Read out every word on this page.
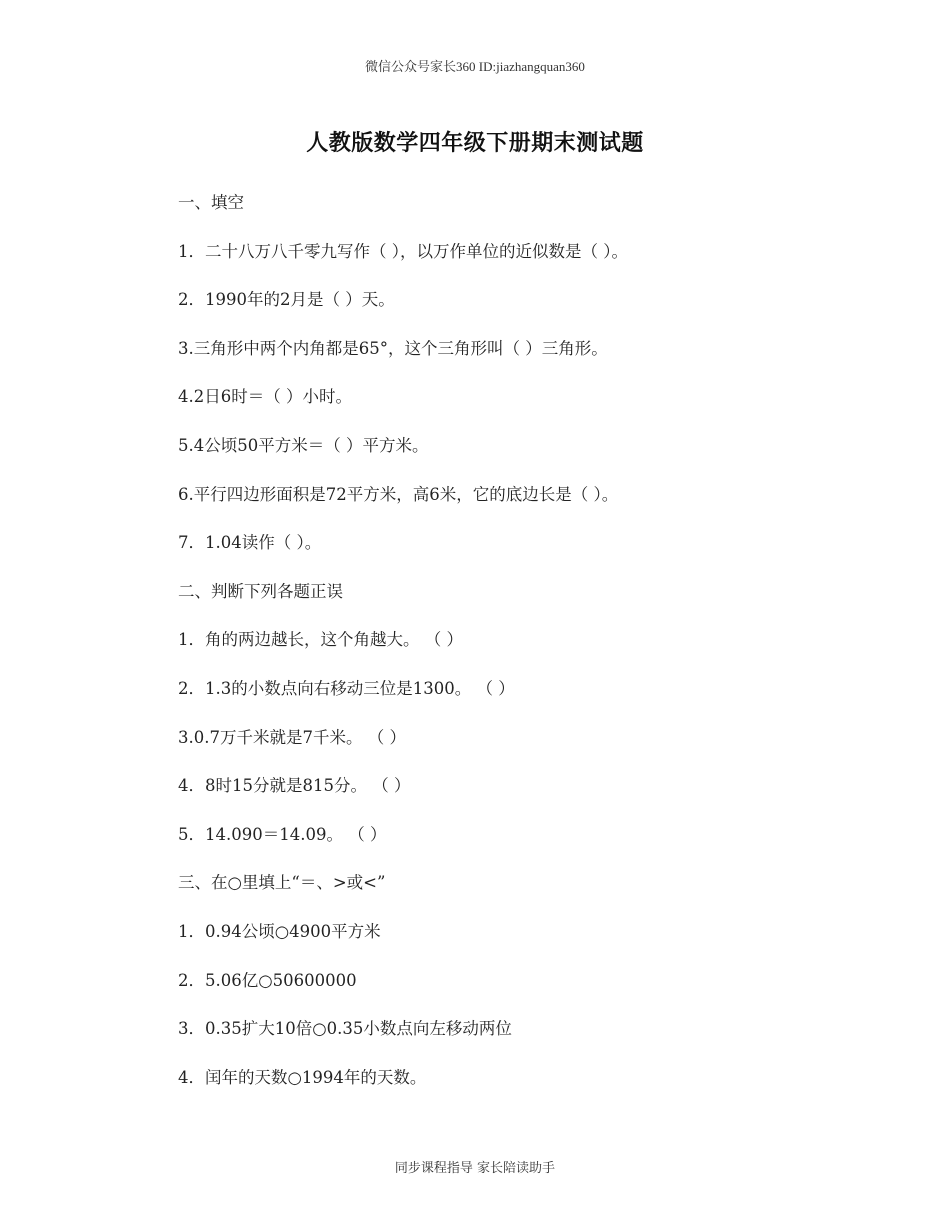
微信公众号家长360 ID:jiazhangquan360
人教版数学四年级下册期末测试题
一、填空
1．二十八万八千零九写作（ ），以万作单位的近似数是（ ）。
2．1990年的2月是（ ）天。
3.三角形中两个内角都是65°，这个三角形叫（ ）三角形。
4.2日6时＝（ ）小时。
5.4公顷50平方米＝（ ）平方米。
6.平行四边形面积是72平方米，高6米，它的底边长是（ ）。
7．1.04读作（ ）。
二、判断下列各题正误
1．角的两边越长，这个角越大。 （ ）
2．1.3的小数点向右移动三位是1300。 （ ）
3.0.7万千米就是7千米。 （ ）
4．8时15分就是815分。 （ ）
5．14.090＝14.09。 （ ）
三、在○里填上“＝、>或<”
1．0.94公顷○4900平方米
2．5.06亿○50600000
3．0.35扩大10倍○0.35小数点向左移动两位
4．闰年的天数○1994年的天数。
同步课程指导 家长陪读助手
